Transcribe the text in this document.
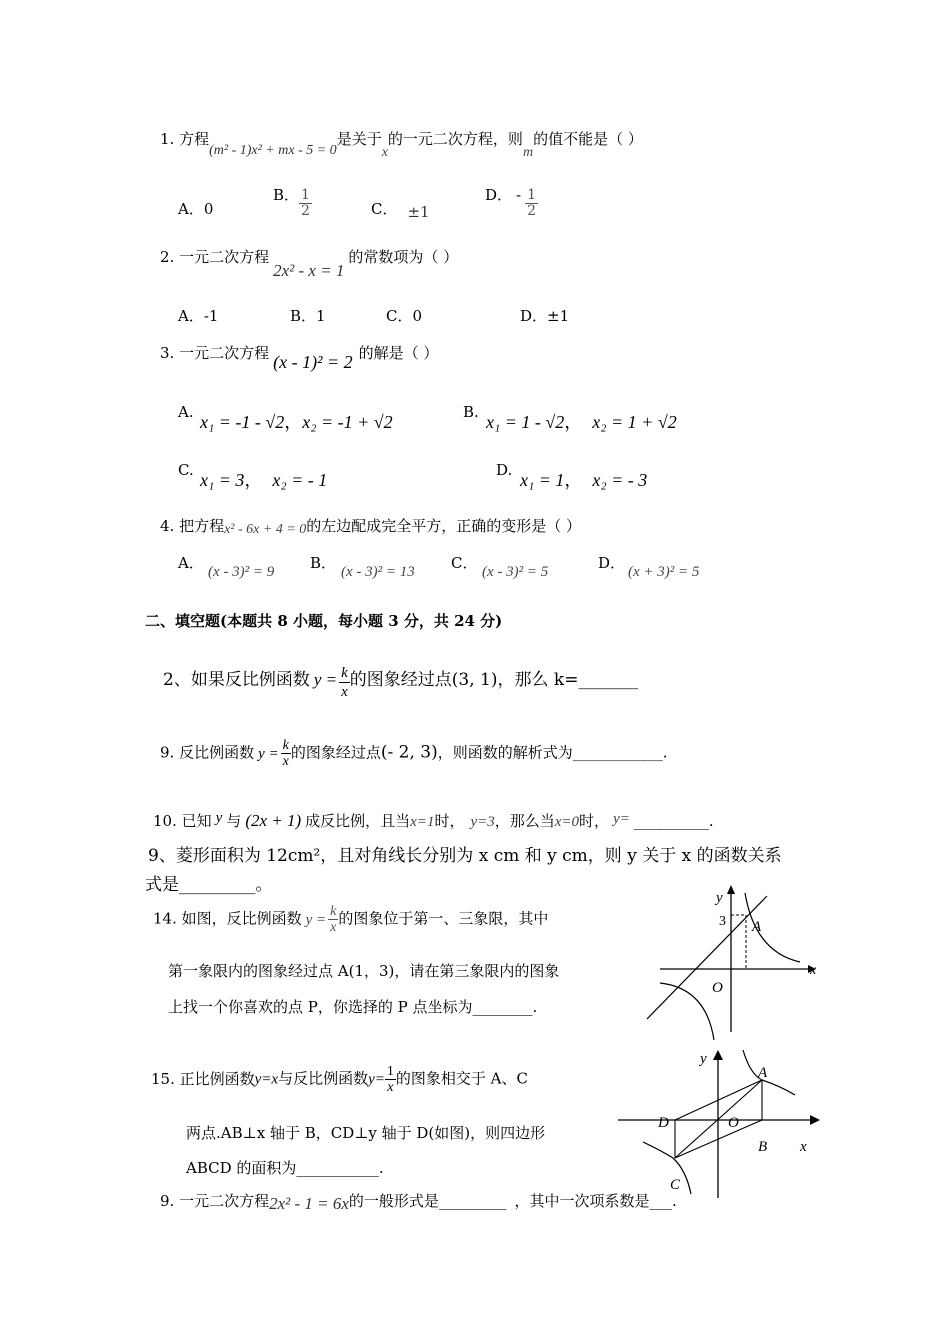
1. 方程(m² - 1)x² + mx - 5 = 0是关于x的一元二次方程，则m的值不能是（ ）
A．0
B． $\frac{1}{2}$	C． ±1
D． - $\frac{1}{2}$
2. 一元二次方程2x² - x = 1的常数项为（ ）
A．-1	B．1	C．0	D．±1
3. 一元二次方程 (x - 1)² = 2 的解是（ ）
A. x₁ = -1 - √2，x₂ = -1 + √2	B. x₁ = 1 - √2， x₂ = 1 + √2
C. x₁ = 3， x₂ = - 1	D. x₁ = 1， x₂ = - 3
4. 把方程x² - 6x + 4 = 0的左边配成完全平方，正确的变形是（ ）
A． (x - 3)² = 9 B． (x - 3)² = 13 C． (x - 3)² = 5	D． (x + 3)² = 5
二、填空题(本题共 8 小题，每小题 3 分，共 24 分)
2、如果反比例函数 $y = \frac{k}{x}$ 的图象经过点(3, 1)，那么 k=_______
9. 反比例函数 $y = \frac{k}{x}$ 的图象经过点(- 2, 3)，则函数的解析式为____________.
10. 已知 y 与 (2x + 1) 成反比例，且当x=1时， y=3，那么当x=0时， y= __________.
9、菱形面积为 12cm²，且对角线长分别为 x cm 和 y cm，则 y 关于 x 的函数关系
式是_________。
14. 如图，反比例函数 $y = \frac{k}{x}$ 的图象位于第一、三象限，其中
第一象限内的图象经过点 A(1，3)，请在第三象限内的图象
上找一个你喜欢的点 P，你选择的 P 点坐标为________.
y
3 A
O
x
15. 正比例函数y=x与反比例函数$y= \frac{1}{x}$ 的图象相交于 A、C
两点.AB⊥x 轴于 B，CD⊥y 轴于 D(如图)，则四边形
ABCD 的面积为___________.
y
A
D	O
B x
C
9. 一元二次方程2x² - 1 = 6x的一般形式是_________ ，其中一次项系数是___.
